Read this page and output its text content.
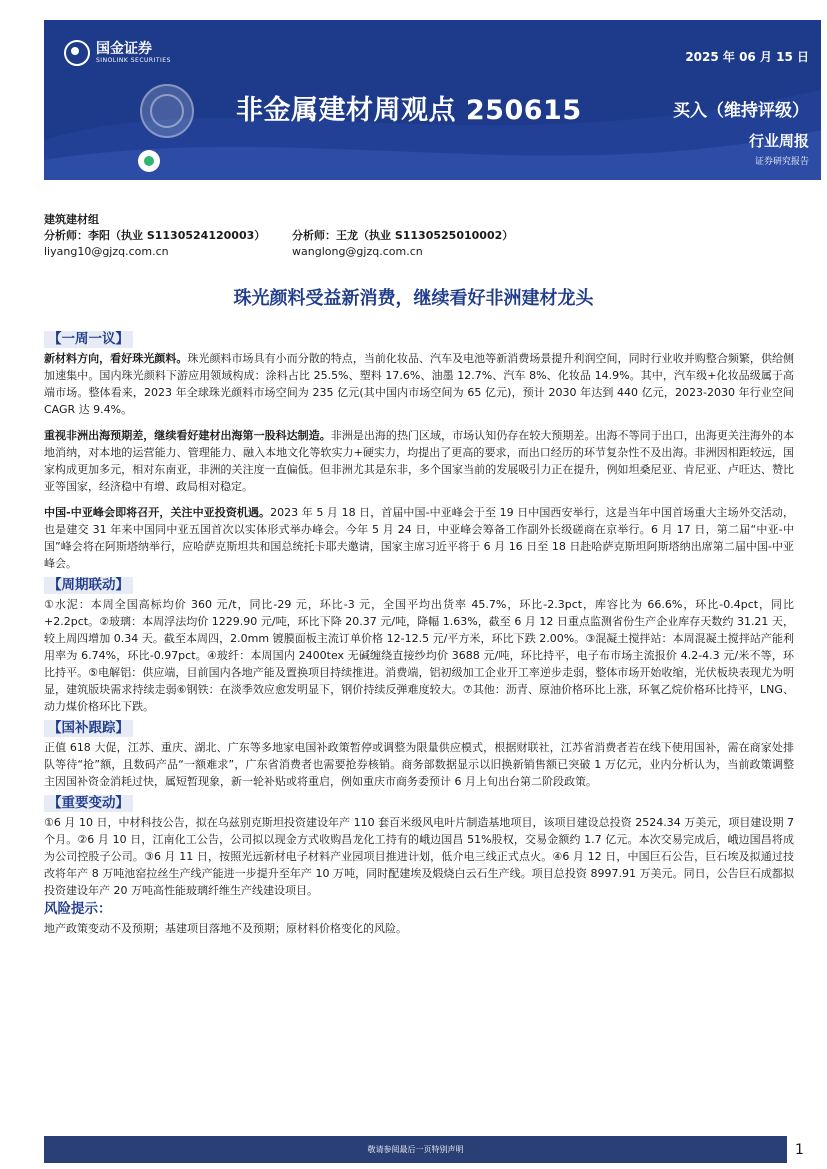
国金证券
SINOLINK SECURITIES	2025 年 06 月 15 日
非金属建材周观点 250615	买入（维持评级）
行业周报
证券研究报告
建筑建材组
分析师：李阳（执业 S1130524120003）	分析师：王龙（执业 S1130525010002）
liyang10@gjzq.com.cn	wanglong@gjzq.com.cn
珠光颜料受益新消费，继续看好非洲建材龙头
【一周一议】

新材料方向，看好珠光颜料。珠光颜料市场具有小而分散的特点，当前化妆品、汽车及电池等新消费场景提升利润空间，同时行业收并购整合频繁，供给侧加速集中。国内珠光颜料下游应用领域构成：涂料占比 25.5%、塑料 17.6%、油墨 12.7%、汽车 8%、化妆品 14.9%。其中，汽车级+化妆品级属于高端市场。整体看来，2023 年全球珠光颜料市场空间为 235 亿元(其中国内市场空间为 65 亿元)，预计 2030 年达到 440 亿元，2023-2030 年行业空间 CAGR 达 9.4%。

重视非洲出海预期差，继续看好建材出海第一股科达制造。非洲是出海的热门区域，市场认知仍存在较大预期差。出海不等同于出口，出海更关注海外的本地消纳，对本地的运营能力、管理能力、融入本地文化等软实力+硬实力，均提出了更高的要求，而出口经历的环节复杂性不及出海。非洲因相距较远，国家构成更加多元，相对东南亚，非洲的关注度一直偏低。但非洲尤其是东非，多个国家当前的发展吸引力正在提升，例如坦桑尼亚、肯尼亚、卢旺达、赞比亚等国家，经济稳中有增、政局相对稳定。

中国-中亚峰会即将召开，关注中亚投资机遇。2023 年 5 月 18 日，首届中国-中亚峰会于至 19 日中国西安举行，这是当年中国首场重大主场外交活动，也是建交 31 年来中国同中亚五国首次以实体形式举办峰会。今年 5 月 24 日，中亚峰会筹备工作副外长级磋商在京举行。6 月 17 日，第二届“中亚-中国”峰会将在阿斯塔纳举行，应哈萨克斯坦共和国总统托卡耶夫邀请，国家主席习近平将于 6 月 16 日至 18 日赴哈萨克斯坦阿斯塔纳出席第二届中国-中亚峰会。

【周期联动】

①水泥：本周全国高标均价 360 元/t，同比-29 元，环比-3 元，全国平均出货率 45.7%，环比-2.3pct，库容比为 66.6%，环比-0.4pct，同比+2.2pct。②玻璃：本周浮法均价 1229.90 元/吨，环比下降 20.37 元/吨，降幅 1.63%，截至 6 月 12 日重点监测省份生产企业库存天数约 31.21 天，较上周四增加 0.34 天。截至本周四，2.0mm 镀膜面板主流订单价格 12-12.5 元/平方米，环比下跌 2.00%。③混凝土搅拌站：本周混凝土搅拌站产能利用率为 6.74%，环比-0.97pct。④玻纤：本周国内 2400tex 无碱缠绕直接纱均价 3688 元/吨，环比持平，电子布市场主流报价 4.2-4.3 元/米不等，环比持平。⑤电解铝：供应端，目前国内各地产能及置换项目持续推进。消费端，铝初级加工企业开工率逆步走弱，整体市场开始收缩，光伏板块表现尤为明显，建筑版块需求持续走弱⑥钢铁：在淡季效应愈发明显下，钢价持续反弹难度较大。⑦其他：沥青、原油价格环比上涨，环氧乙烷价格环比持平，LNG、动力煤价格环比下跌。

【国补跟踪】

正值 618 大促，江苏、重庆、湖北、广东等多地家电国补政策暂停或调整为限量供应模式，根据财联社，江苏省消费者若在线下使用国补，需在商家处排队等待“抢”额，且数码产品“一额难求”，广东省消费者也需要抢券核销。商务部数据显示以旧换新销售额已突破 1 万亿元，业内分析认为，当前政策调整主因国补资金消耗过快，属短暂现象，新一轮补贴或将重启，例如重庆市商务委预计 6 月上旬出台第二阶段政策。

【重要变动】

①6 月 10 日，中材科技公告，拟在乌兹别克斯坦投资建设年产 110 套百米级风电叶片制造基地项目，该项目建设总投资 2524.34 万美元，项目建设期 7 个月。②6 月 10 日，江南化工公告，公司拟以现金方式收购昌龙化工持有的峨边国昌 51%股权，交易金额约 1.7 亿元。本次交易完成后，峨边国昌将成为公司控股子公司。③6 月 11 日，按照光远新材电子材料产业园项目推进计划，低介电三线正式点火。④6 月 12 日，中国巨石公告，巨石埃及拟通过技改将年产 8 万吨池窑拉丝生产线产能进一步提升至年产 10 万吨，同时配建埃及煅烧白云石生产线。项目总投资 8997.91 万美元。同日，公告巨石成都拟投资建设年产 20 万吨高性能玻璃纤维生产线建设项目。

风险提示：

地产政策变动不及预期；基建项目落地不及预期；原材料价格变化的风险。

敬请参阅最后一页特别声明	1
